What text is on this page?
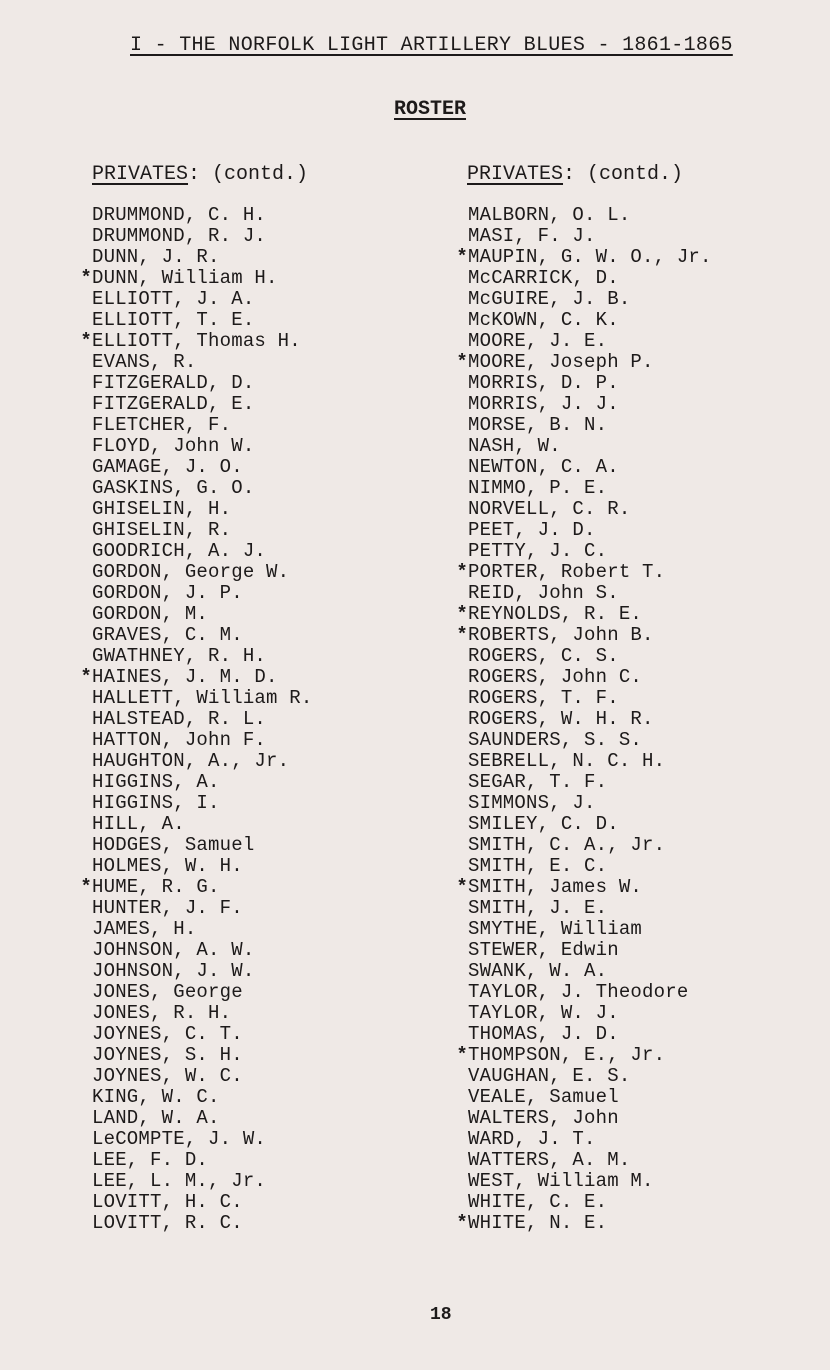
I - THE NORFOLK LIGHT ARTILLERY BLUES - 1861-1865
ROSTER
PRIVATES: (contd.)	PRIVATES: (contd.)
DRUMMOND, C. H.
DRUMMOND, R. J.
DUNN, J. R.
* DUNN, William H.
ELLIOTT, J. A.
ELLIOTT, T. E.
* ELLIOTT, Thomas H.
EVANS, R.
FITZGERALD, D.
FITZGERALD, E.
FLETCHER, F.
FLOYD, John W.
GAMAGE, J. O.
GASKINS, G. O.
GHISELIN, H.
GHISELIN, R.
GOODRICH, A. J.
GORDON, George W.
GORDON, J. P.
GORDON, M.
GRAVES, C. M.
GWATHNEY, R. H.
* HAINES, J. M. D.
HALLETT, William R.
HALSTEAD, R. L.
HATTON, John F.
HAUGHTON, A., Jr.
HIGGINS, A.
HIGGINS, I.
HILL, A.
HODGES, Samuel
HOLMES, W. H.
* HUME, R. G.
HUNTER, J. F.
JAMES, H.
JOHNSON, A. W.
JOHNSON, J. W.
JONES, George
JONES, R. H.
JOYNES, C. T.
JOYNES, S. H.
JOYNES, W. C.
KING, W. C.
LAND, W. A.
LeCOMPTE, J. W.
LEE, F. D.
LEE, L. M., Jr.
LOVITT, H. C.
LOVITT, R. C.
MALBORN, O. L.
MASI, F. J.
* MAUPIN, G. W. O., Jr.
McCARRICK, D.
McGUIRE, J. B.
McKOWN, C. K.
MOORE, J. E.
* MOORE, Joseph P.
MORRIS, D. P.
MORRIS, J. J.
MORSE, B. N.
NASH, W.
NEWTON, C. A.
NIMMO, P. E.
NORVELL, C. R.
PEET, J. D.
PETTY, J. C.
* PORTER, Robert T.
REID, John S.
* REYNOLDS, R. E.
* ROBERTS, John B.
ROGERS, C. S.
ROGERS, John C.
ROGERS, T. F.
ROGERS, W. H. R.
SAUNDERS, S. S.
SEBRELL, N. C. H.
SEGAR, T. F.
SIMMONS, J.
SMILEY, C. D.
SMITH, C. A., Jr.
SMITH, E. C.
* SMITH, James W.
SMITH, J. E.
SMYTHE, William
STEWER, Edwin
SWANK, W. A.
TAYLOR, J. Theodore
TAYLOR, W. J.
THOMAS, J. D.
* THOMPSON, E., Jr.
VAUGHAN, E. S.
VEALE, Samuel
WALTERS, John
WARD, J. T.
WATTERS, A. M.
WEST, William M.
WHITE, C. E.
* WHITE, N. E.
18
